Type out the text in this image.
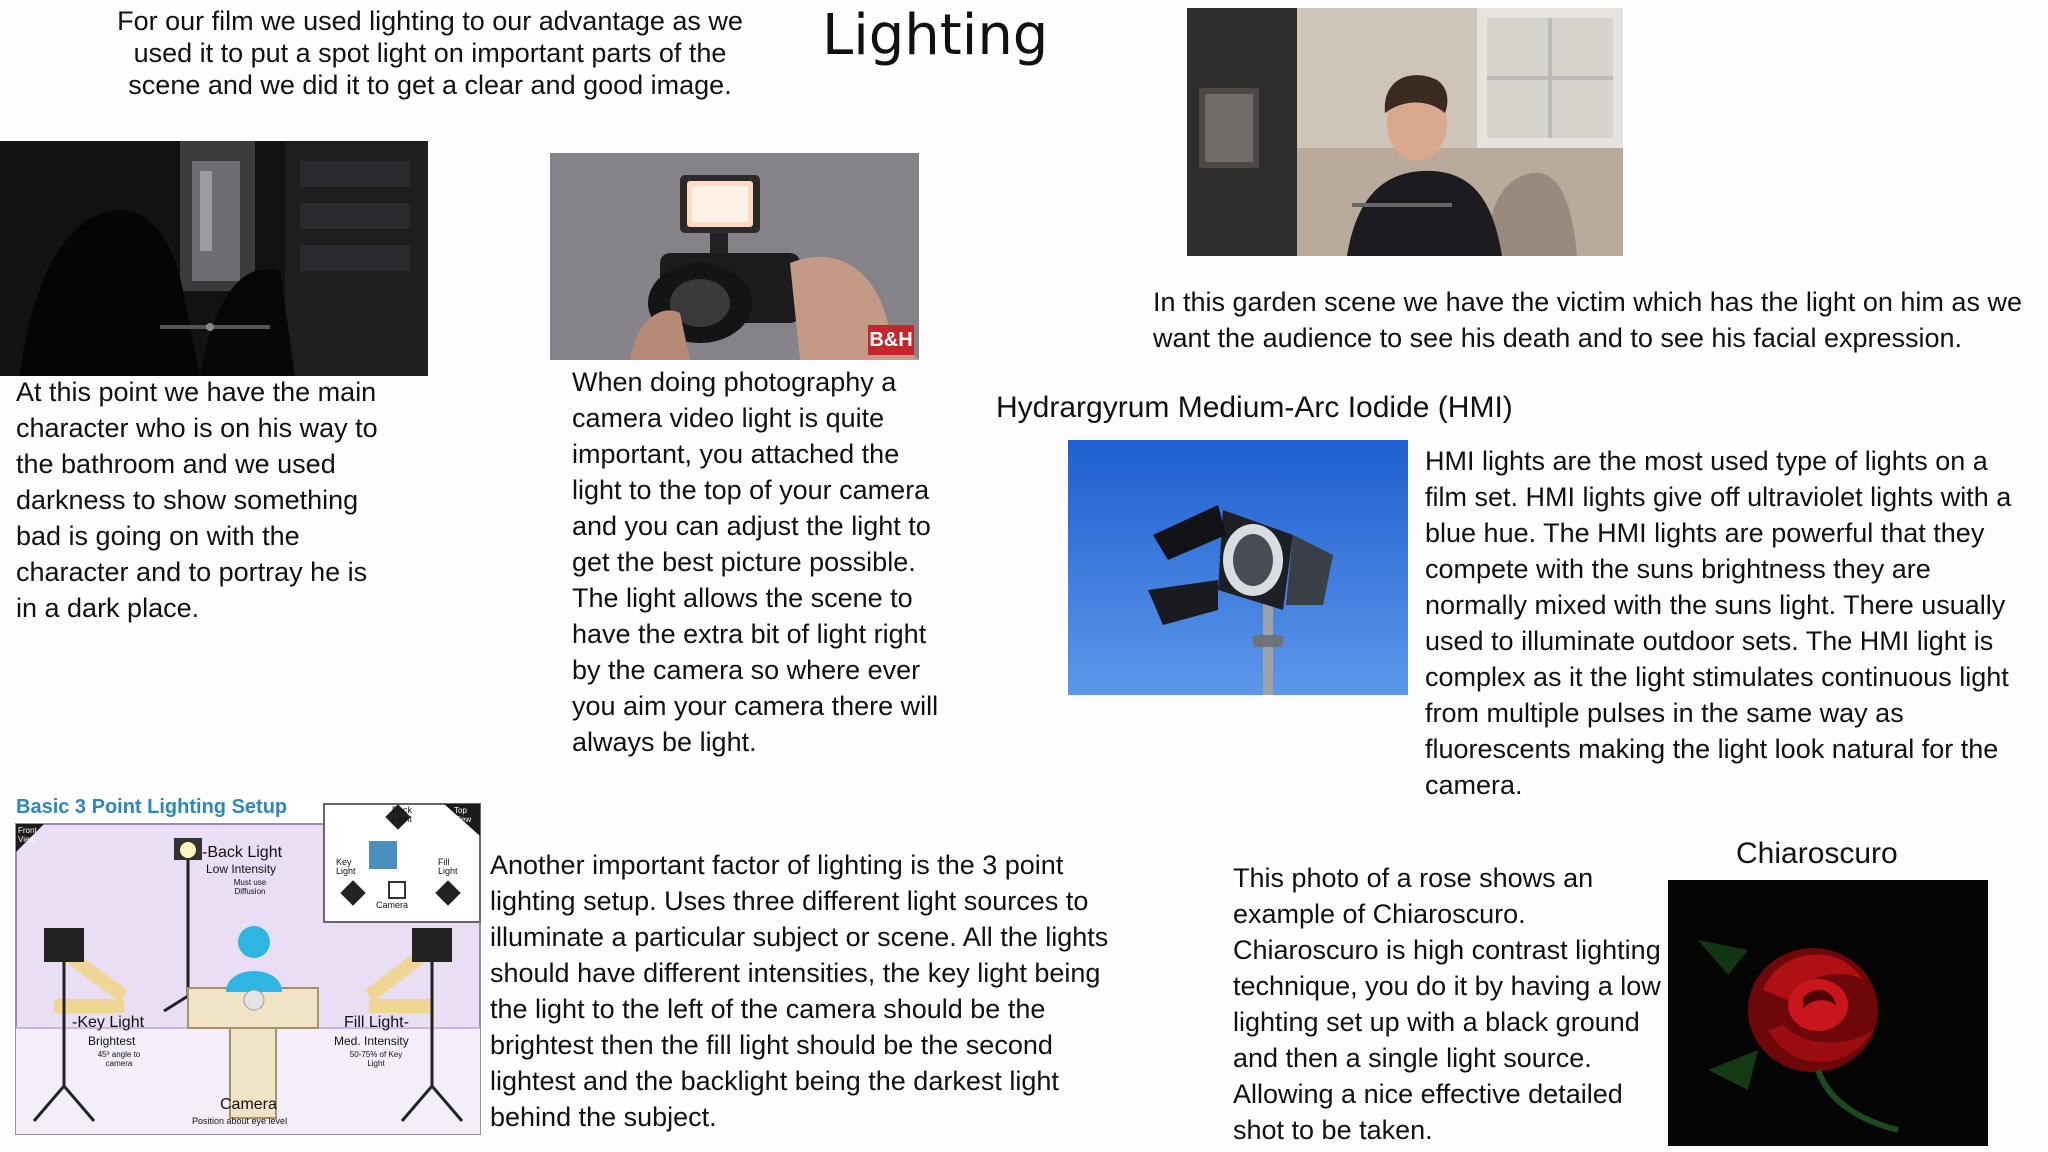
Lighting

For our film we used lighting to our advantage as we used it to put a spot light on important parts of the scene and we did it to get a clear and good image.

At this point we have the main character who is on his way to the bathroom and we used darkness to show something bad is going on with the character and to portray he is in a dark place.

B&H

When doing photography a camera video light is quite important, you attached the light to the top of your camera and you can adjust the light to get the best picture possible. The light allows the scene to have the extra bit of light right by the camera so where ever you aim your camera there will always be light.

In this garden scene we have the victim which has the light on him as we want the audience to see his death and to see his facial expression.

Hydrargyrum Medium-Arc Iodide (HMI)

HMI lights are the most used type of lights on a film set. HMI lights give off ultraviolet lights with a blue hue. The HMI lights are powerful that they compete with the suns brightness they are normally mixed with the suns light. There usually used to illuminate outdoor sets. The HMI light is complex as it the light stimulates continuous light from multiple pulses in the same way as fluorescents making the light look natural for the camera.

Basic 3 Point Lighting Setup
Front View
Top View
-Back Light
Low Intensity
Must use Diffusion
-Key Light
Brightest
45º angle to camera
Fill Light-
Med. Intensity
50-75% of Key Light
Camera
Position about eye level
Back Light
Key Light
Fill Light
Camera

Another important factor of lighting is the 3 point lighting setup. Uses three different light sources to illuminate a particular subject or scene. All the lights should have different intensities, the key light being the light to the left of the camera should be the brightest then the fill light should be the second lightest and the backlight being the darkest light behind the subject.

Chiaroscuro

This photo of a rose shows an example of Chiaroscuro. Chiaroscuro is high contrast lighting technique, you do it by having a low lighting set up with a black ground and then a single light source. Allowing a nice effective detailed shot to be taken.
